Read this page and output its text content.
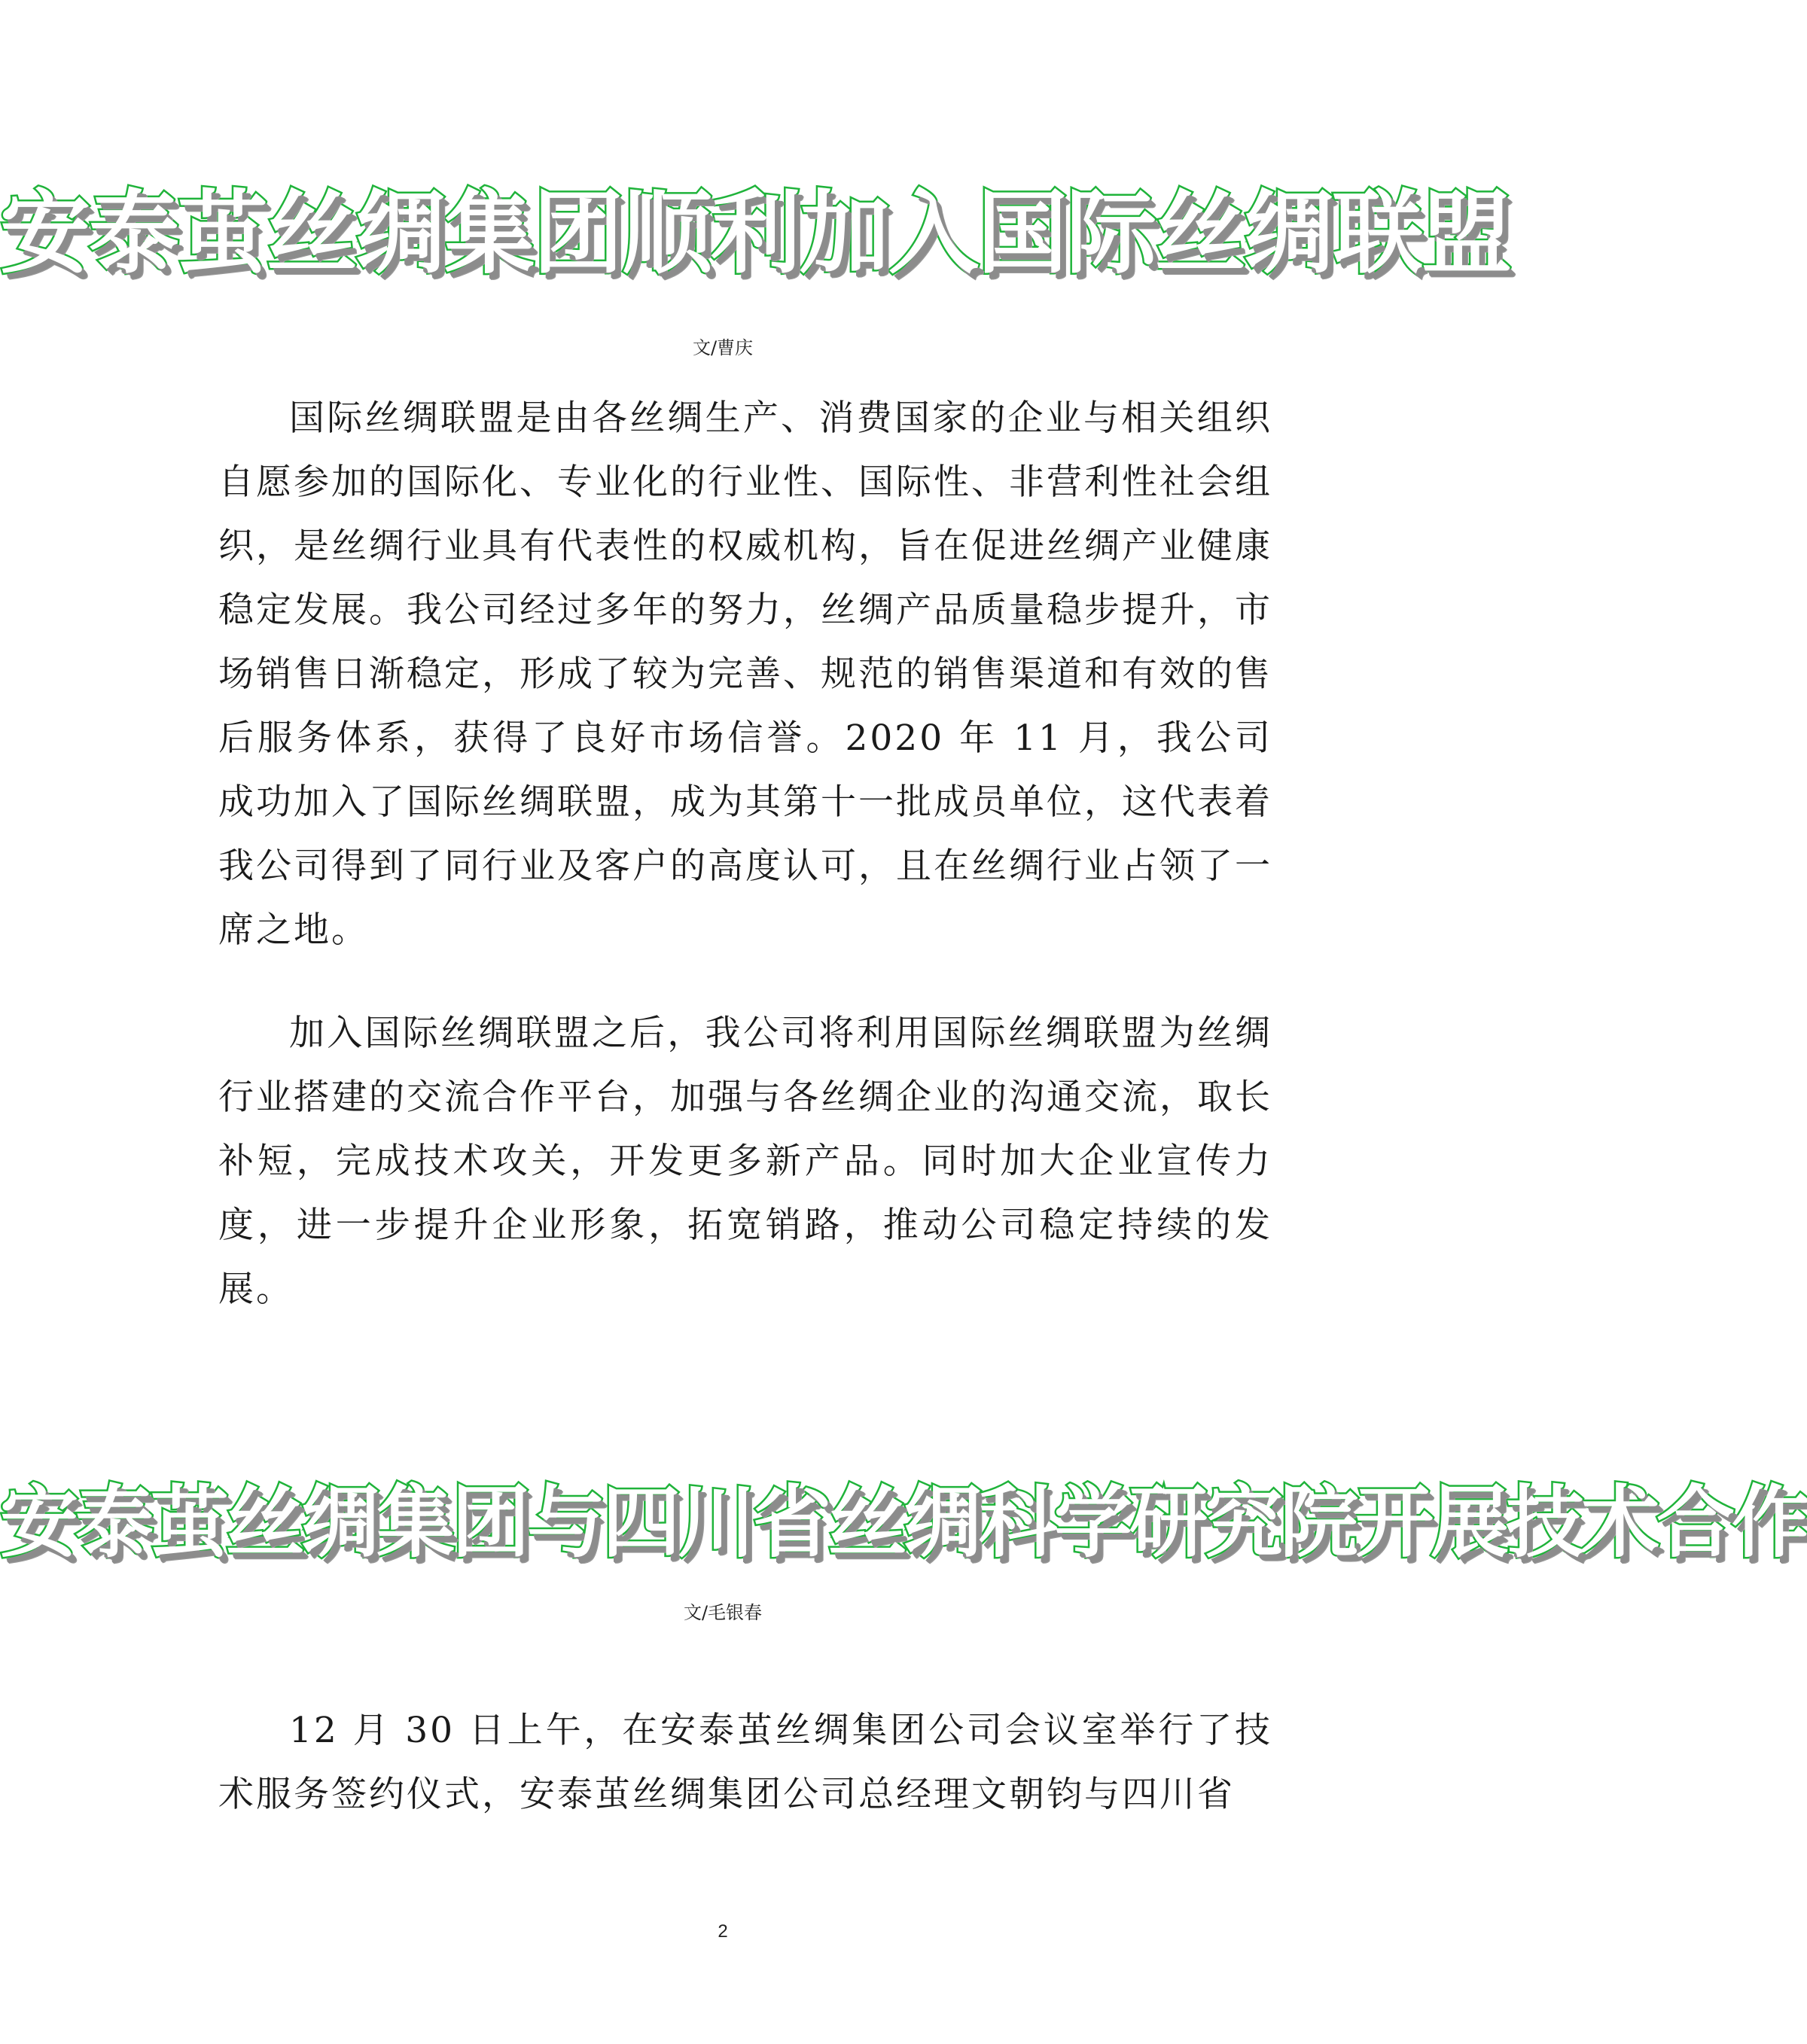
安泰茧丝绸集团顺利加入国际丝绸联盟
文/曹庆

国际丝绸联盟是由各丝绸生产、消费国家的企业与相关组织自愿参加的国际化、专业化的行业性、国际性、非营利性社会组织，是丝绸行业具有代表性的权威机构，旨在促进丝绸产业健康稳定发展。我公司经过多年的努力，丝绸产品质量稳步提升，市场销售日渐稳定，形成了较为完善、规范的销售渠道和有效的售后服务体系，获得了良好市场信誉。2020 年 11 月，我公司成功加入了国际丝绸联盟，成为其第十一批成员单位，这代表着我公司得到了同行业及客户的高度认可，且在丝绸行业占领了一席之地。

加入国际丝绸联盟之后，我公司将利用国际丝绸联盟为丝绸行业搭建的交流合作平台，加强与各丝绸企业的沟通交流，取长补短，完成技术攻关，开发更多新产品。同时加大企业宣传力度，进一步提升企业形象，拓宽销路，推动公司稳定持续的发展。

安泰茧丝绸集团与四川省丝绸科学研究院开展技术合作
文/毛银春

12 月 30 日上午，在安泰茧丝绸集团公司会议室举行了技术服务签约仪式，安泰茧丝绸集团公司总经理文朝钧与四川省

2
